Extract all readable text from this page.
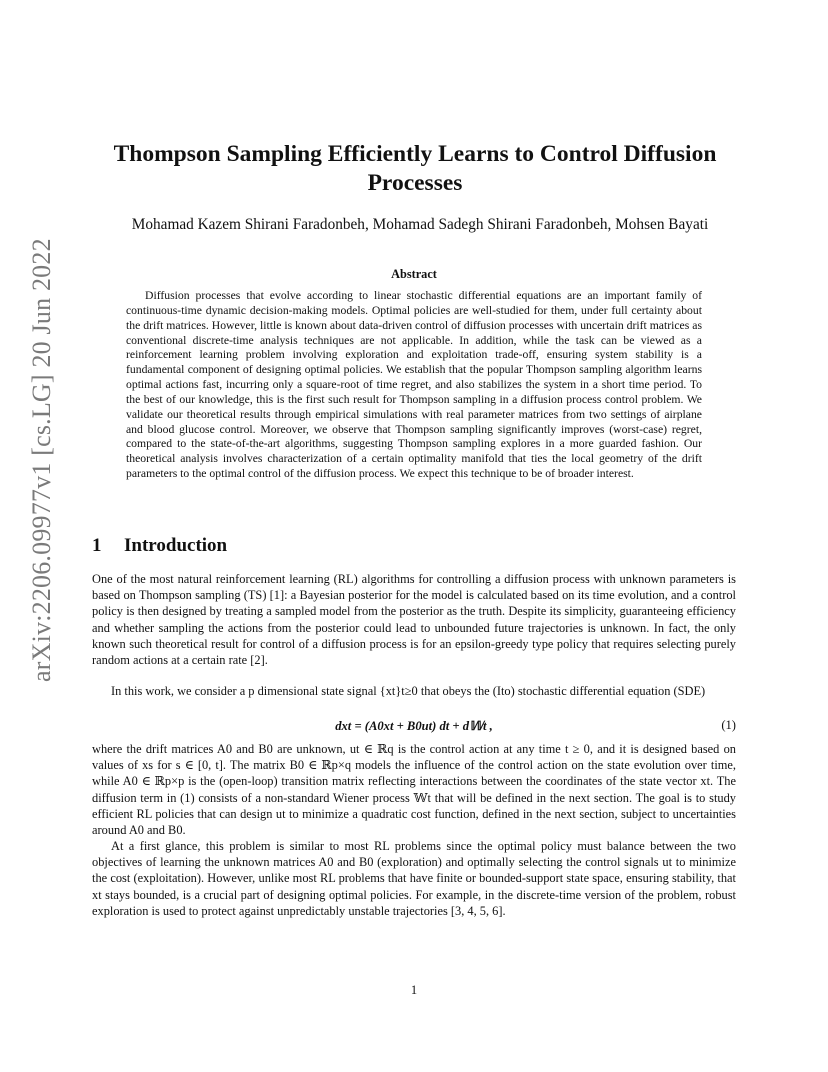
arXiv:2206.09977v1 [cs.LG] 20 Jun 2022
Thompson Sampling Efficiently Learns to Control Diffusion Processes
Mohamad Kazem Shirani Faradonbeh, Mohamad Sadegh Shirani Faradonbeh, Mohsen Bayati
Abstract

Diffusion processes that evolve according to linear stochastic differential equations are an important family of continuous-time dynamic decision-making models. Optimal policies are well-studied for them, under full certainty about the drift matrices. However, little is known about data-driven control of diffusion processes with uncertain drift matrices as conventional discrete-time analysis techniques are not applicable. In addition, while the task can be viewed as a reinforcement learning problem involving exploration and exploitation trade-off, ensuring system stability is a fundamental component of designing optimal policies. We establish that the popular Thompson sampling algorithm learns optimal actions fast, incurring only a square-root of time regret, and also stabilizes the system in a short time period. To the best of our knowledge, this is the first such result for Thompson sampling in a diffusion process control problem. We validate our theoretical results through empirical simulations with real parameter matrices from two settings of airplane and blood glucose control. Moreover, we observe that Thompson sampling significantly improves (worst-case) regret, compared to the state-of-the-art algorithms, suggesting Thompson sampling explores in a more guarded fashion. Our theoretical analysis involves characterization of a certain optimality manifold that ties the local geometry of the drift parameters to the optimal control of the diffusion process. We expect this technique to be of broader interest.

1 Introduction

One of the most natural reinforcement learning (RL) algorithms for controlling a diffusion process with unknown parameters is based on Thompson sampling (TS) [1]: a Bayesian posterior for the model is calculated based on its time evolution, and a control policy is then designed by treating a sampled model from the posterior as the truth. Despite its simplicity, guaranteeing efficiency and whether sampling the actions from the posterior could lead to unbounded future trajectories is unknown. In fact, the only known such theoretical result for control of a diffusion process is for an epsilon-greedy type policy that requires selecting purely random actions at a certain rate [2].

In this work, we consider a p dimensional state signal {xt}t≥0 that obeys the (Ito) stochastic differential equation (SDE)

dxt = (A0xt + B0ut) dt + d𝕎t ,	(1)

where the drift matrices A0 and B0 are unknown, ut ∈ ℝq is the control action at any time t ≥ 0, and it is designed based on values of xs for s ∈ [0, t]. The matrix B0 ∈ ℝp×q models the influence of the control action on the state evolution over time, while A0 ∈ ℝp×p is the (open-loop) transition matrix reflecting interactions between the coordinates of the state vector xt. The diffusion term in (1) consists of a non-standard Wiener process 𝕎t that will be defined in the next section. The goal is to study efficient RL policies that can design ut to minimize a quadratic cost function, defined in the next section, subject to uncertainties around A0 and B0.

At a first glance, this problem is similar to most RL problems since the optimal policy must balance between the two objectives of learning the unknown matrices A0 and B0 (exploration) and optimally selecting the control signals ut to minimize the cost (exploitation). However, unlike most RL problems that have finite or bounded-support state space, ensuring stability, that xt stays bounded, is a crucial part of designing optimal policies. For example, in the discrete-time version of the problem, robust exploration is used to protect against unpredictably unstable trajectories [3, 4, 5, 6].

1
